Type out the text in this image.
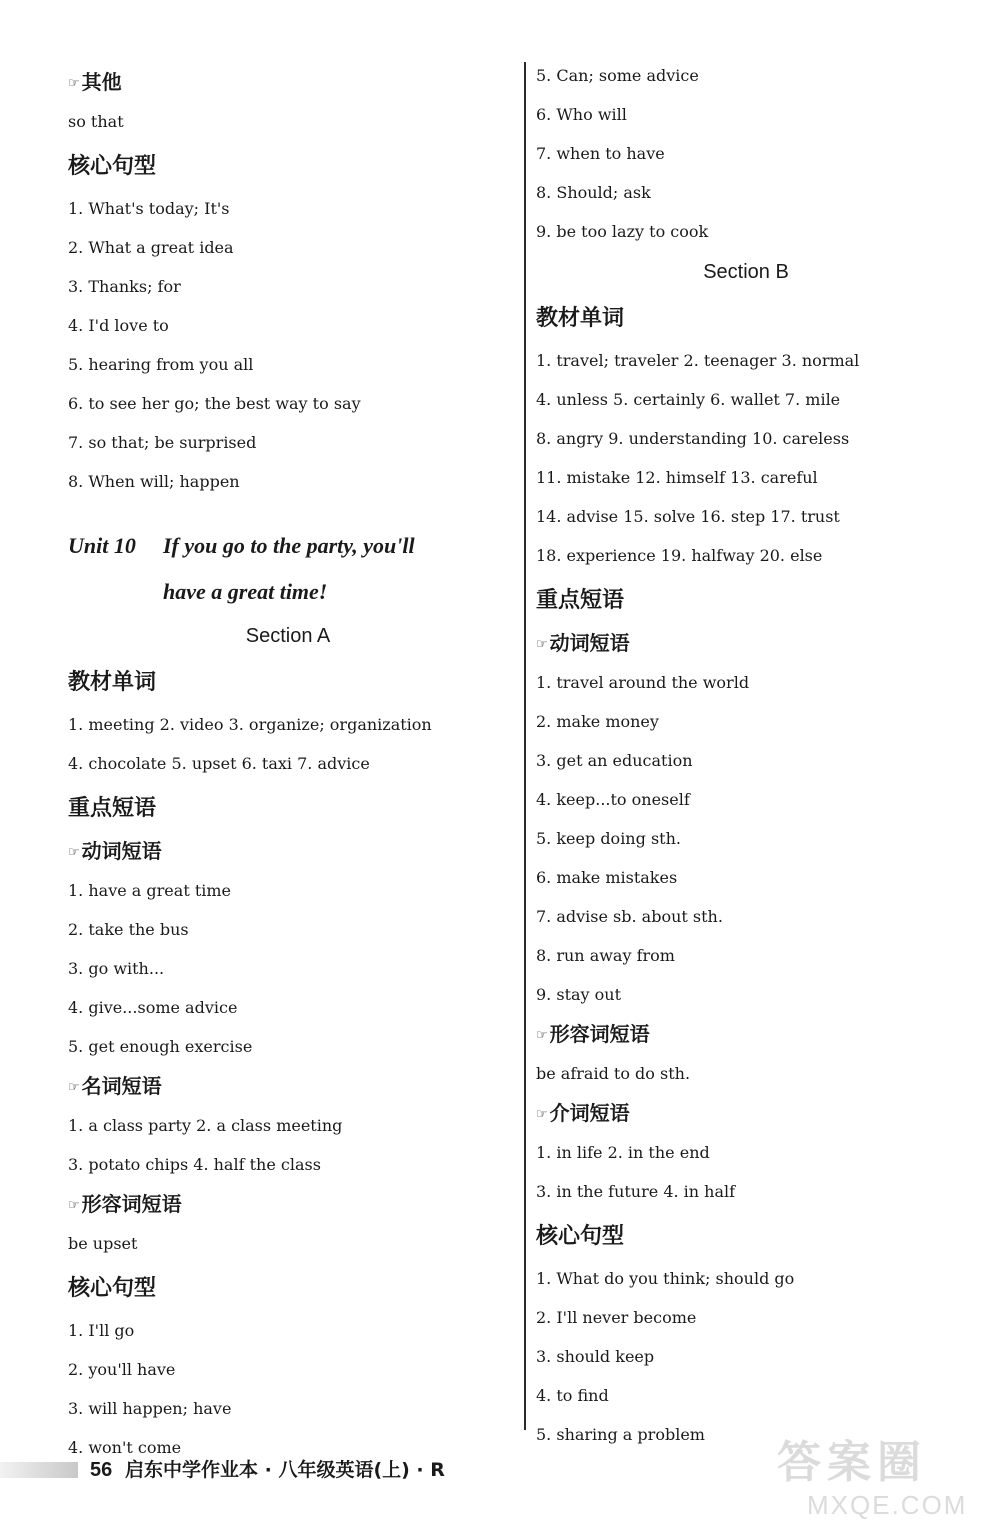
☞ 其他
so that
核心句型
1. What's today; It's
2. What a great idea
3. Thanks; for
4. I'd love to
5. hearing from you all
6. to see her go; the best way to say
7. so that; be surprised
8. When will; happen
Unit 10 If you go to the party, you'll
have a great time!
Section A
教材单词
1. meeting 2. video 3. organize; organization
4. chocolate 5. upset 6. taxi 7. advice
重点短语
☞ 动词短语
1. have a great time
2. take the bus
3. go with...
4. give...some advice
5. get enough exercise
☞ 名词短语
1. a class party 2. a class meeting
3. potato chips 4. half the class
☞ 形容词短语
be upset
核心句型
1. I'll go
2. you'll have
3. will happen; have
4. won't come
5. Can; some advice
6. Who will
7. when to have
8. Should; ask
9. be too lazy to cook
Section B
教材单词
1. travel; traveler 2. teenager 3. normal
4. unless 5. certainly 6. wallet 7. mile
8. angry 9. understanding 10. careless
11. mistake 12. himself 13. careful
14. advise 15. solve 16. step 17. trust
18. experience 19. halfway 20. else
重点短语
☞ 动词短语
1. travel around the world
2. make money
3. get an education
4. keep...to oneself
5. keep doing sth.
6. make mistakes
7. advise sb. about sth.
8. run away from
9. stay out
☞ 形容词短语
be afraid to do sth.
☞ 介词短语
1. in life 2. in the end
3. in the future 4. in half
核心句型
1. What do you think; should go
2. I'll never become
3. should keep
4. to find
5. sharing a problem
56 启东中学作业本 · 八年级英语(上) · R	答案圈
MXQE.COM
